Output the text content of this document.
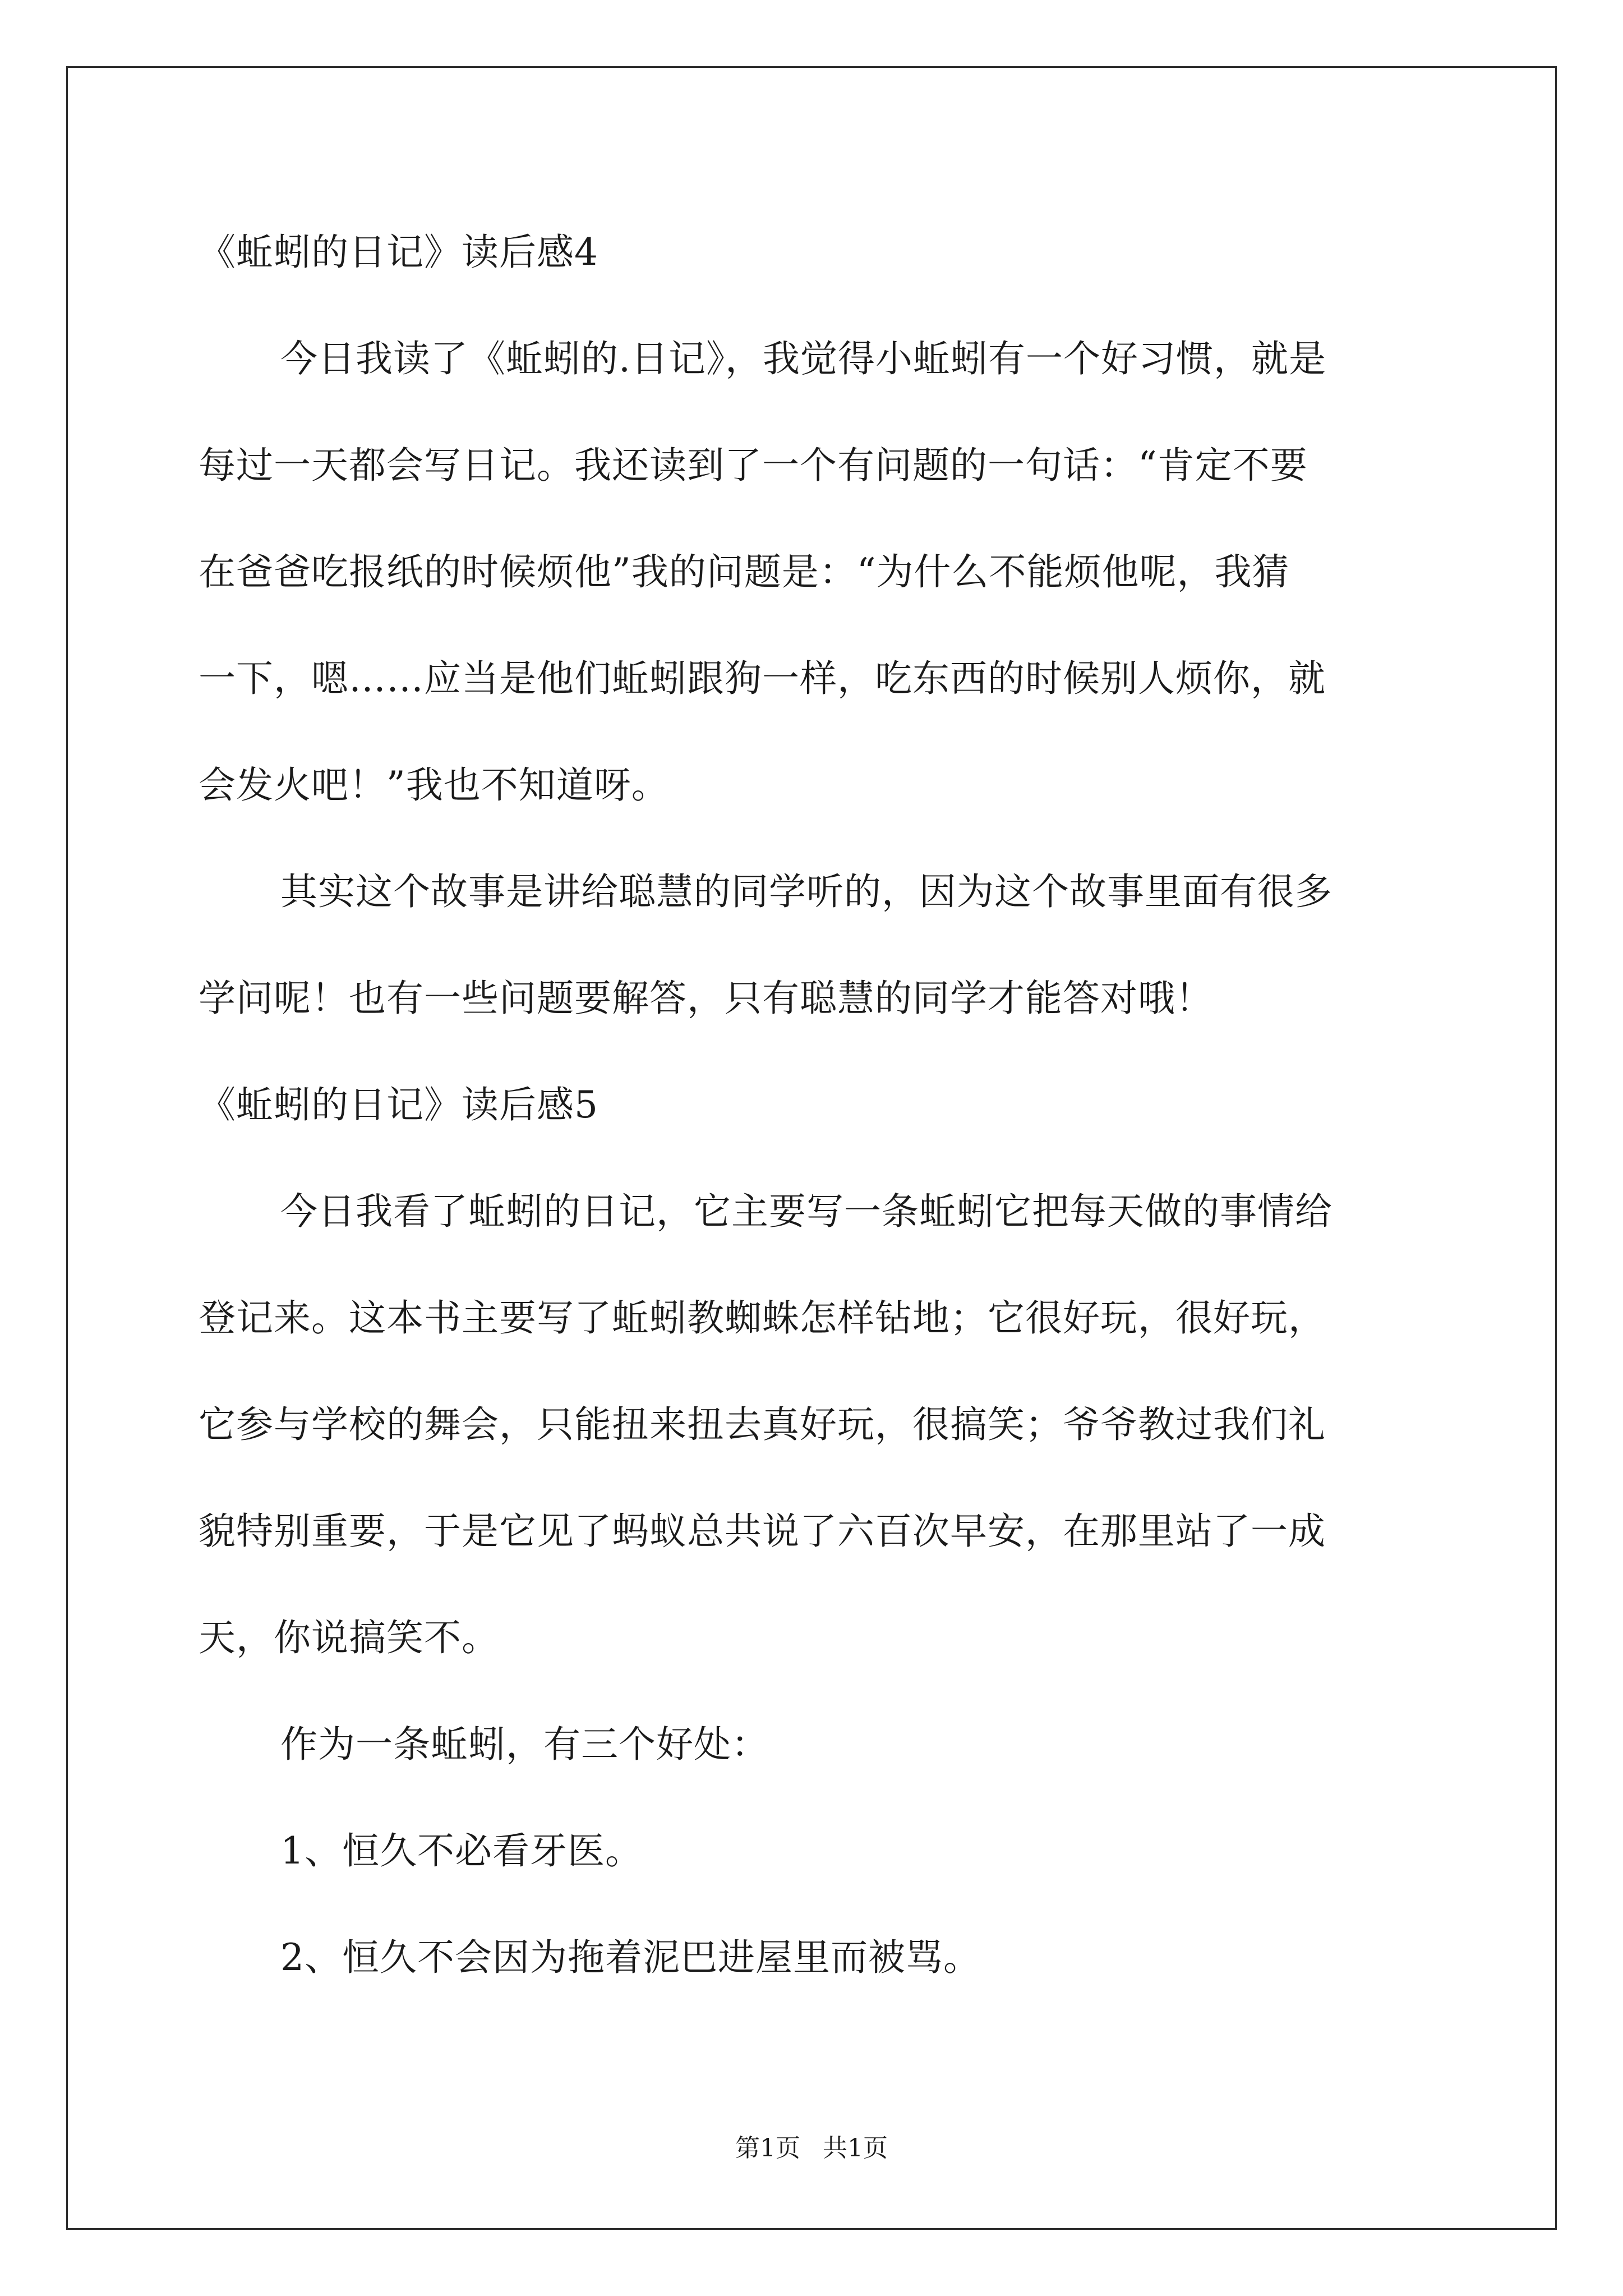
《蚯蚓的日记》读后感4
今日我读了《蚯蚓的.日记》，我觉得小蚯蚓有一个好习惯，就是
每过一天都会写日记。我还读到了一个有问题的一句话：“肯定不要
在爸爸吃报纸的时候烦他”我的问题是：“为什么不能烦他呢，我猜
一下，嗯……应当是他们蚯蚓跟狗一样，吃东西的时候别人烦你，就
会发火吧！”我也不知道呀。
其实这个故事是讲给聪慧的同学听的，因为这个故事里面有很多
学问呢！也有一些问题要解答，只有聪慧的同学才能答对哦！
《蚯蚓的日记》读后感5
今日我看了蚯蚓的日记，它主要写一条蚯蚓它把每天做的事情给
登记来。这本书主要写了蚯蚓教蜘蛛怎样钻地；它很好玩，很好玩，
它参与学校的舞会，只能扭来扭去真好玩，很搞笑；爷爷教过我们礼
貌特别重要，于是它见了蚂蚁总共说了六百次早安，在那里站了一成
天，你说搞笑不。
作为一条蚯蚓，有三个好处：
1、恒久不必看牙医。
2、恒久不会因为拖着泥巴进屋里而被骂。
第1页 共1页
